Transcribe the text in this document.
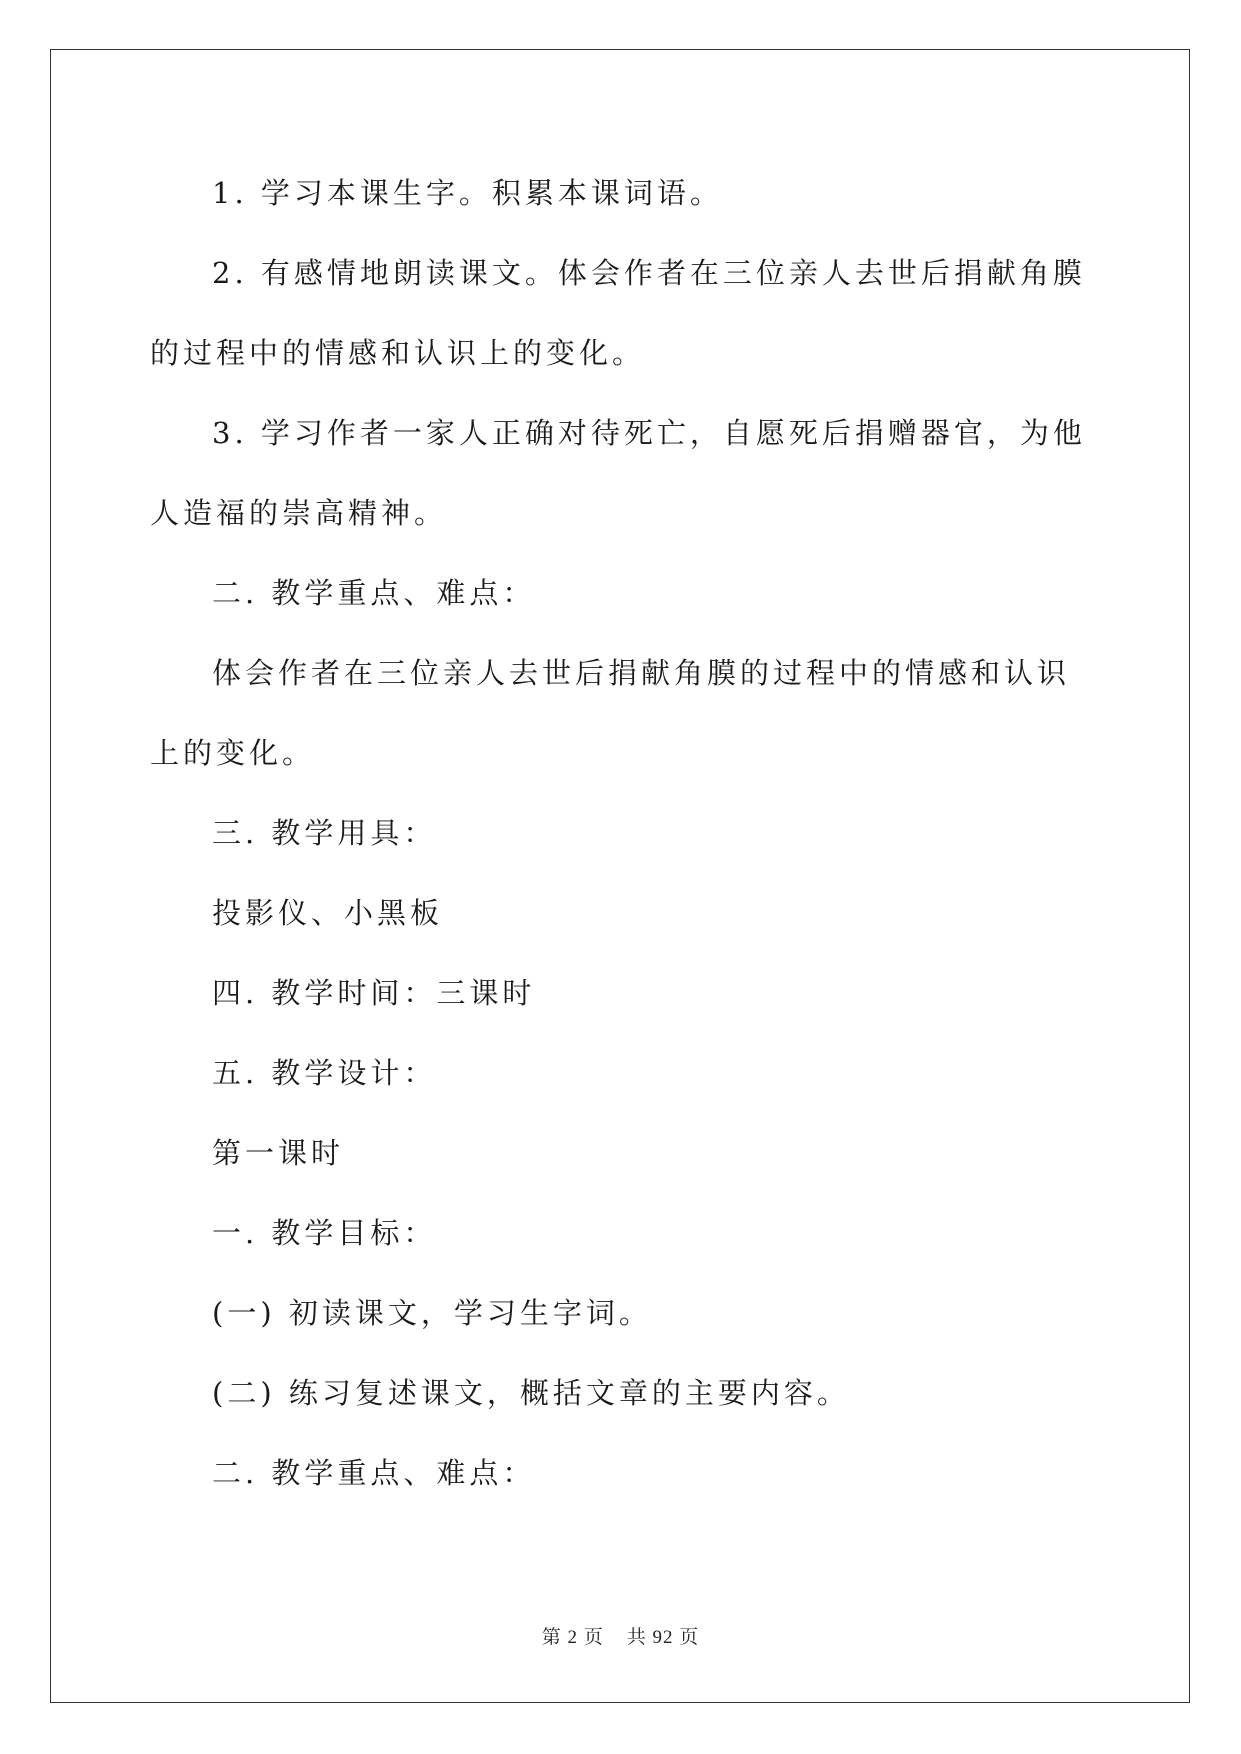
1. 学习本课生字。积累本课词语。

2. 有感情地朗读课文。体会作者在三位亲人去世后捐献角膜的过程中的情感和认识上的变化。

3. 学习作者一家人正确对待死亡，自愿死后捐赠器官，为他人造福的崇高精神。

二. 教学重点、难点：

体会作者在三位亲人去世后捐献角膜的过程中的情感和认识上的变化。

三. 教学用具：

投影仪、小黑板

四. 教学时间：三课时

五. 教学设计：

第一课时

一. 教学目标：

(一) 初读课文，学习生字词。

(二) 练习复述课文，概括文章的主要内容。

二. 教学重点、难点：

第 2 页 共 92 页
